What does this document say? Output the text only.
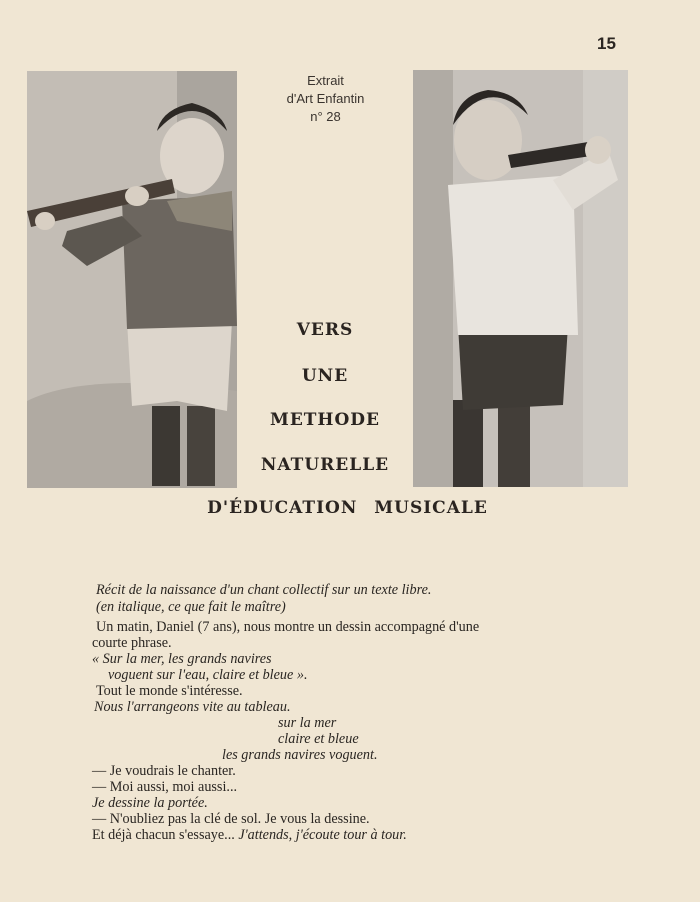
15
Extrait
d'Art Enfantin
n° 28
VERS
UNE
METHODE
NATURELLE
D'ÉDUCATION MUSICALE
Récit de la naissance d'un chant collectif sur un texte libre.
(en italique, ce que fait le maître)
Un matin, Daniel (7 ans), nous montre un dessin accompagné d'une
courte phrase.
« Sur la mer, les grands navires
voguent sur l'eau, claire et bleue ».
Tout le monde s'intéresse.
Nous l'arrangeons vite au tableau.
sur la mer
claire et bleue
les grands navires voguent.
— Je voudrais le chanter.
— Moi aussi, moi aussi...
Je dessine la portée.
— N'oubliez pas la clé de sol. Je vous la dessine.
Et déjà chacun s'essaye... J'attends, j'écoute tour à tour.
